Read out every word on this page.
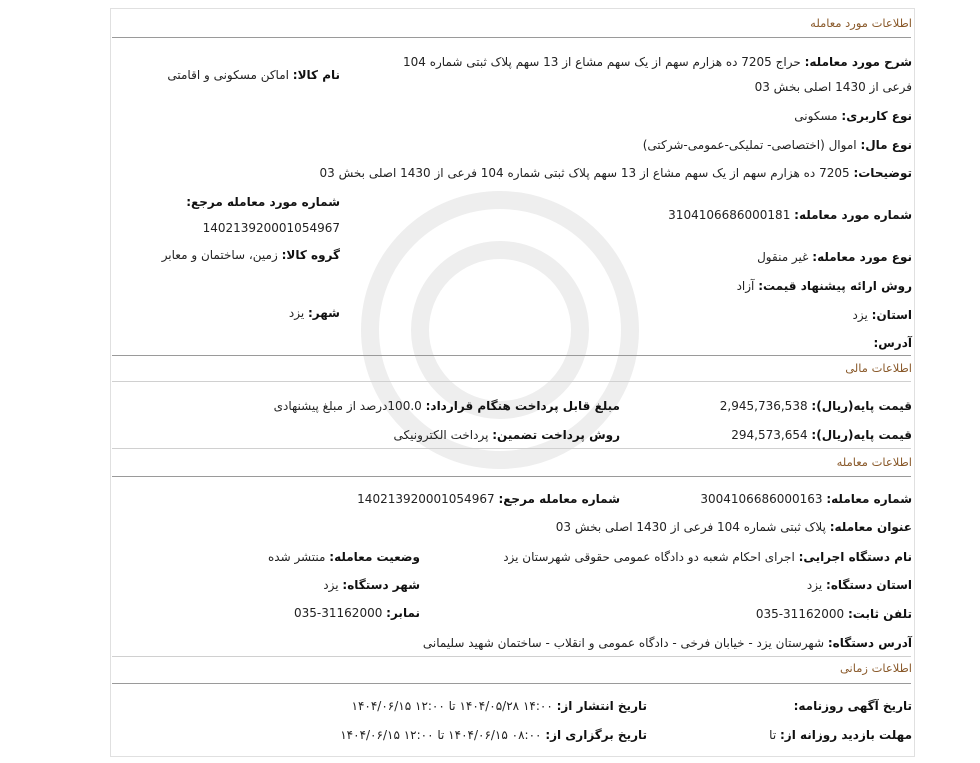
اطلاعات مورد معامله
شرح مورد معامله: حراج 7205 ده هزارم سهم از یک سهم مشاع از 13 سهم پلاک ثبتی شماره 104
فرعی از 1430 اصلی بخش 03
نام کالا: اماکن مسکونی و اقامتی
نوع کاربری: مسکونی
نوع مال: اموال (اختصاصی- تملیکی-عمومی-شرکتی)
توضیحات: 7205 ده هزارم سهم از یک سهم مشاع از 13 سهم پلاک ثبتی شماره 104 فرعی از 1430 اصلی بخش 03
شماره مورد معامله مرجع:
14021392000105496‎7
شماره مورد معامله: 3104106686000181
گروه کالا: زمین، ساختمان و معابر	نوع مورد معامله: غیر منقول
روش ارائه پیشنهاد قیمت: آزاد
استان: یزد
شهر: یزد
آدرس:
اطلاعات مالی
قیمت پایه(ریال): 2,945,736,538
مبلغ قابل پرداخت هنگام قرارداد: 100.0درصد از مبلغ پیشنهادی
قیمت پایه(ریال): 294,573,654
روش پرداخت تضمین: پرداخت الکترونیکی
اطلاعات معامله
شماره معامله: 3004106686000163
شماره معامله مرجع: 14021392000105496‎7
عنوان معامله: پلاک ثبتی شماره 104 فرعی از 1430 اصلی بخش 03
نام دستگاه اجرایی: اجرای احکام شعبه دو دادگاه عمومی حقوقی شهرستان یزد
وضعیت معامله: منتشر شده
استان دستگاه: یزد
شهر دستگاه: یزد
تلفن ثابت: 035-31162000
نمابر: 035-31162000
آدرس دستگاه: شهرستان یزد - خیابان فرخی - دادگاه عمومی و انقلاب - ساختمان شهید سلیمانی
اطلاعات زمانی
تاریخ آگهی روزنامه:
تاریخ انتشار از: ۱۴:۰۰ ۱۴۰۴/۰۵/۲۸ تا ۱۲:۰۰ ۱۴۰۴/۰۶/۱۵
مهلت بازدید روزانه از: تا
تاریخ برگزاری از: ۰۸:۰۰ ۱۴۰۴/۰۶/۱۵ تا ۱۲:۰۰ ۱۴۰۴/۰۶/۱۵
